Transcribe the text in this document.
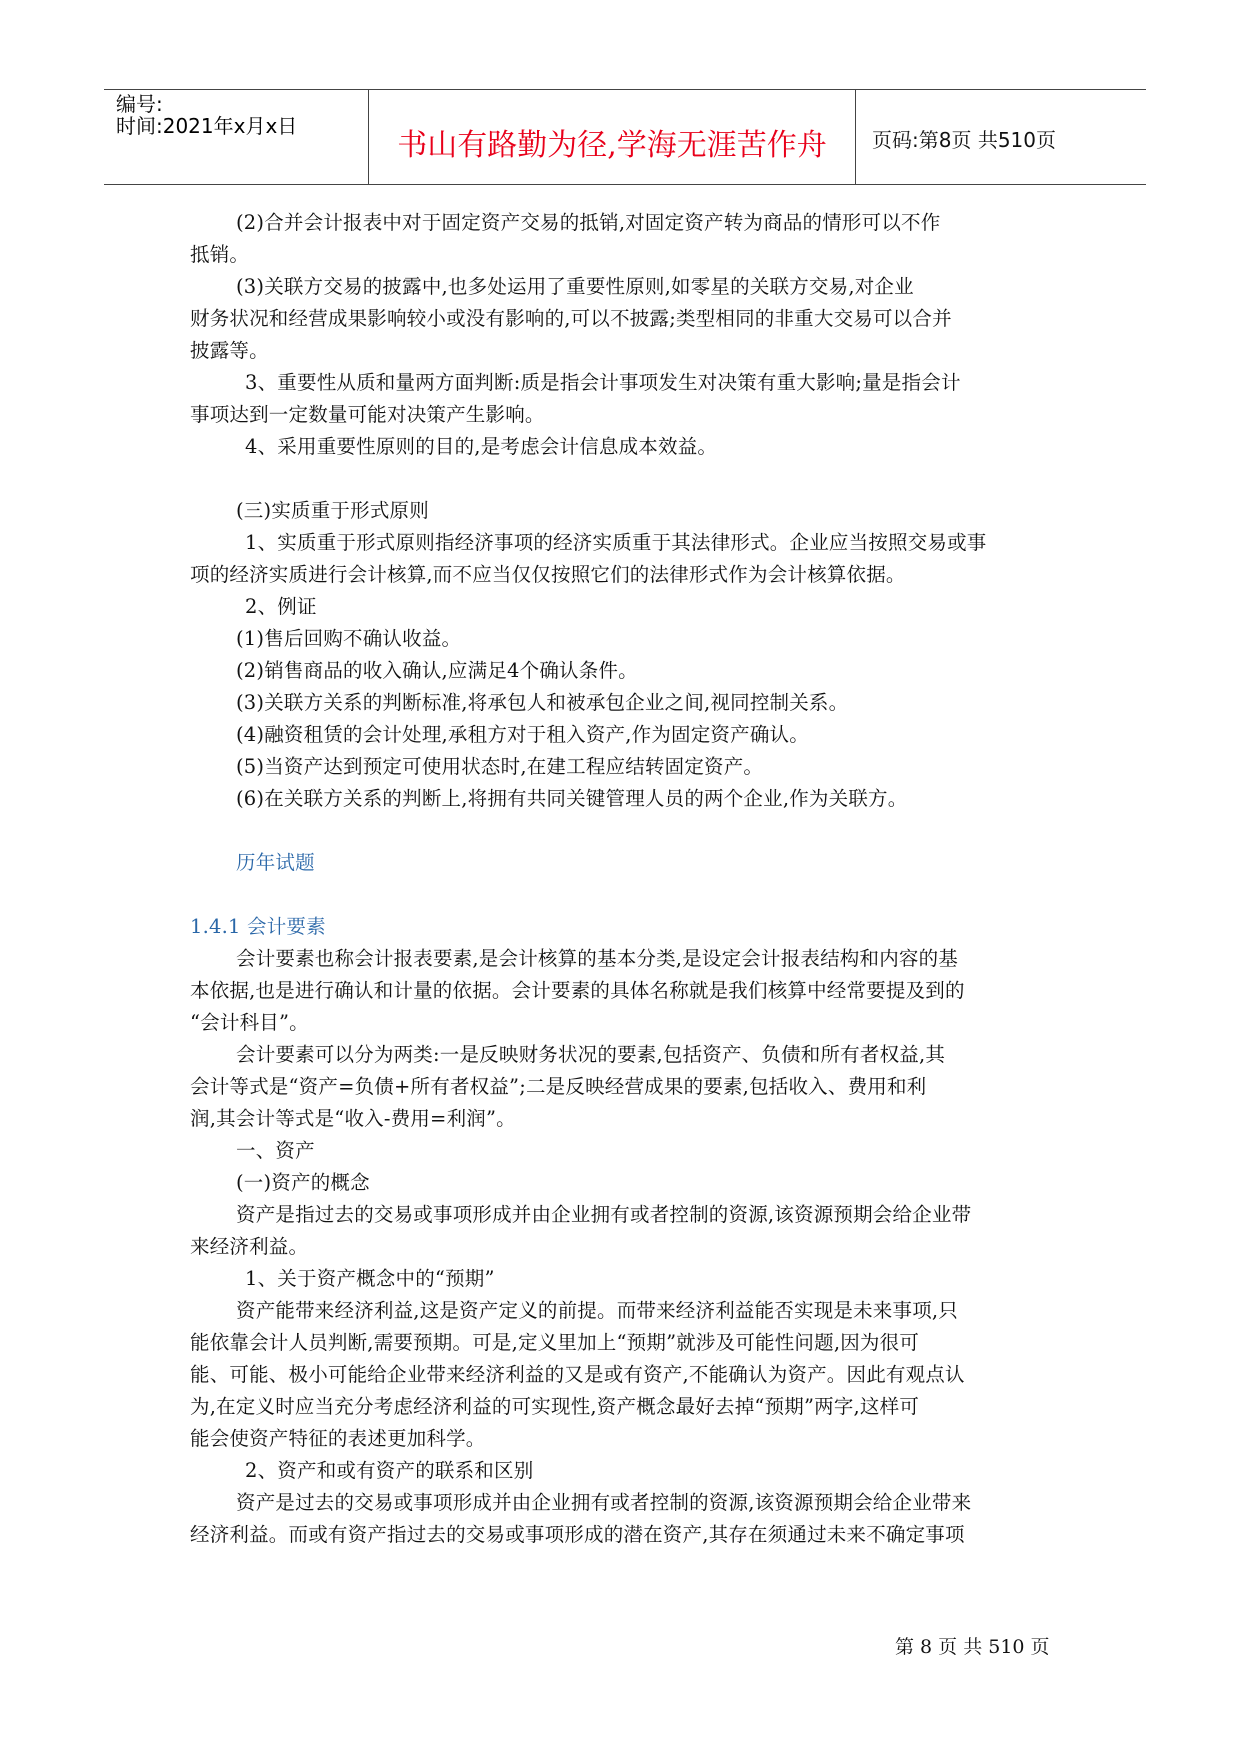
编号:
时间:2021年x月x日
书山有路勤为径,学海无涯苦作舟	页码:第8页 共510页

(2)合并会计报表中对于固定资产交易的抵销,对固定资产转为商品的情形可以不作

抵销。

(3)关联方交易的披露中,也多处运用了重要性原则,如零星的关联方交易,对企业

财务状况和经营成果影响较小或没有影响的,可以不披露;类型相同的非重大交易可以合并

披露等。

3、重要性从质和量两方面判断:质是指会计事项发生对决策有重大影响;量是指会计

事项达到一定数量可能对决策产生影响。

4、采用重要性原则的目的,是考虑会计信息成本效益。

(三)实质重于形式原则

1、实质重于形式原则指经济事项的经济实质重于其法律形式。企业应当按照交易或事

项的经济实质进行会计核算,而不应当仅仅按照它们的法律形式作为会计核算依据。

2、例证

(1)售后回购不确认收益。

(2)销售商品的收入确认,应满足4个确认条件。

(3)关联方关系的判断标准,将承包人和被承包企业之间,视同控制关系。

(4)融资租赁的会计处理,承租方对于租入资产,作为固定资产确认。

(5)当资产达到预定可使用状态时,在建工程应结转固定资产。

(6)在关联方关系的判断上,将拥有共同关键管理人员的两个企业,作为关联方。

历年试题

1.4.1 会计要素

会计要素也称会计报表要素,是会计核算的基本分类,是设定会计报表结构和内容的基

本依据,也是进行确认和计量的依据。会计要素的具体名称就是我们核算中经常要提及到的

“会计科目”。

会计要素可以分为两类:一是反映财务状况的要素,包括资产、负债和所有者权益,其

会计等式是“资产=负债+所有者权益”;二是反映经营成果的要素,包括收入、费用和利

润,其会计等式是“收入-费用=利润”。

一、资产

(一)资产的概念

资产是指过去的交易或事项形成并由企业拥有或者控制的资源,该资源预期会给企业带

来经济利益。

1、关于资产概念中的“预期”

资产能带来经济利益,这是资产定义的前提。而带来经济利益能否实现是未来事项,只

能依靠会计人员判断,需要预期。可是,定义里加上“预期”就涉及可能性问题,因为很可

能、可能、极小可能给企业带来经济利益的又是或有资产,不能确认为资产。因此有观点认

为,在定义时应当充分考虑经济利益的可实现性,资产概念最好去掉“预期”两字,这样可

能会使资产特征的表述更加科学。

2、资产和或有资产的联系和区别

资产是过去的交易或事项形成并由企业拥有或者控制的资源,该资源预期会给企业带来

经济利益。而或有资产指过去的交易或事项形成的潜在资产,其存在须通过未来不确定事项

第 8 页 共 510 页
